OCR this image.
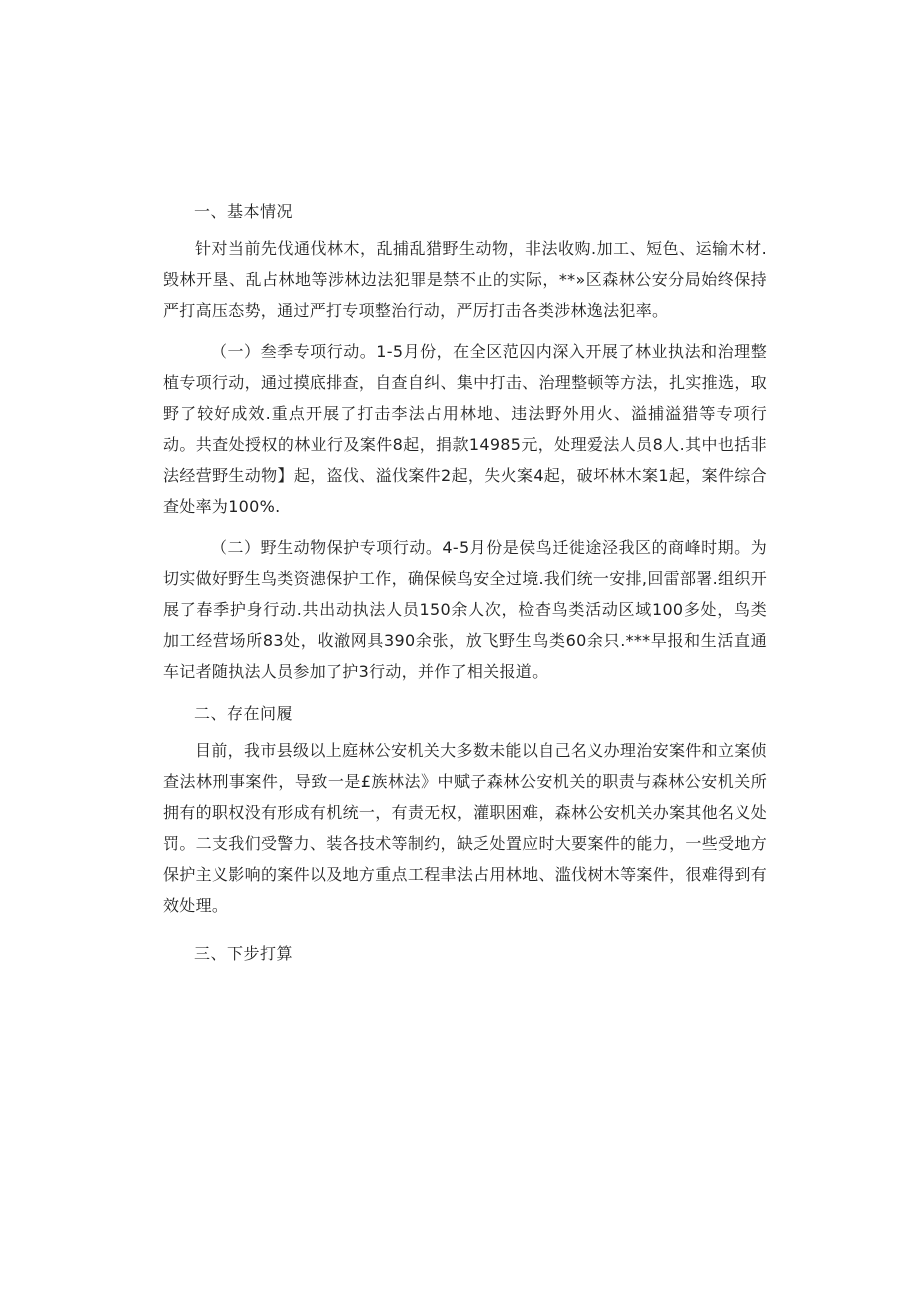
一、基本情况

针对当前先伐通伐林木，乱捕乱猎野生动物，非法收购.加工、短色、运输木材.毁林开垦、乱占林地等涉林边法犯罪是禁不止的实际，**»区森林公安分局始终保持严打高压态势，通过严打专项整治行动，严厉打击各类涉林逸法犯率。

（一）叁季专项行动。1-5月份，在全区范囚内深入开展了林业执法和治理整植专项行动，通过摸底排查，自查自纠、集中打击、治理整顿等方法，扎实推选，取野了较好成效.重点开展了打击李法占用林地、违法野外用火、溢捕溢猎等专项行动。共査处授权的林业行及案件8起，捐款14985元，处理爱法人员8人.其中也括非法经营野生动物】起，盗伐、溢伐案件2起，失火案4起，破坏林木案1起，案件综合查处率为100%.

（二）野生动物保护专项行动。4-5月份是侯鸟迁徙途泾我区的商峰时期。为切实做好野生鸟类资漶保护工作，确保候鸟安全过境.我们统一安排,回雷部署.组织开展了春季护身行动.共出动执法人员150余人次，检杳鸟类活动区域100多处，鸟类加工经营场所83处，收澈网具390余张，放飞野生鸟类60余只.***早报和生活直通车记者随执法人员参加了护3行动，并作了相关报道。

二、存在问履

目前，我市县级以上庭林公安机关大多数未能以自己名义办理治安案件和立案侦查法林刑事案件，导致一是£族林法》中赋子森林公安机关的职责与森林公安机关所拥有的职权没有形成有机统一，有责无权，灌职困难，森林公安机关办案其他名义处罚。二支我们受警力、装各技术等制约，缺乏处置应时大要案件的能力，一些受地方保护主义影响的案件以及地方重点工程聿法占用林地、滥伐树木等案件，很难得到有效处理。

三、下步打算
